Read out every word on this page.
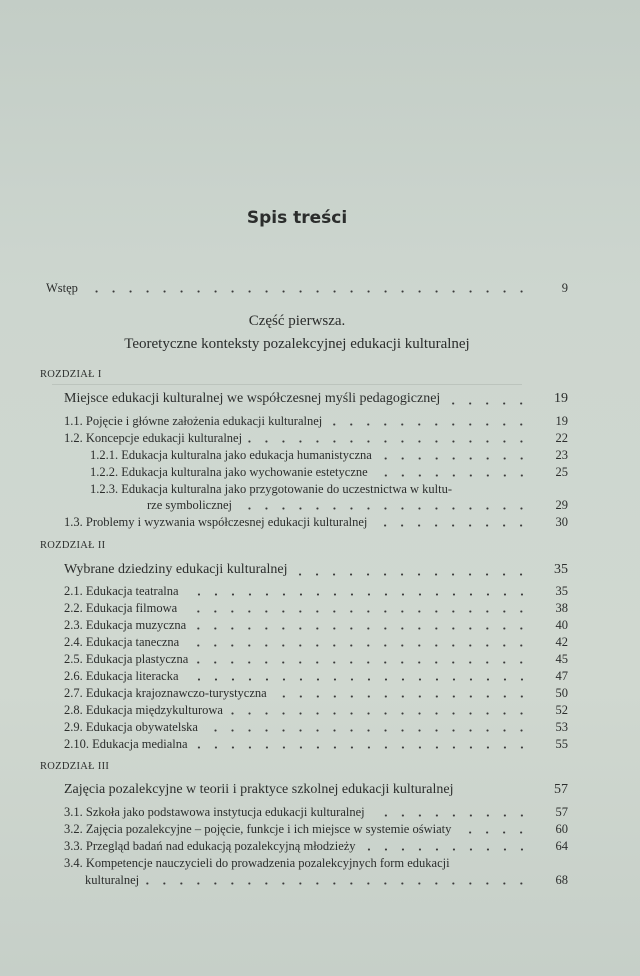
Spis treści
Wstęp	9
Część pierwsza.
Teoretyczne konteksty pozalekcyjnej edukacji kulturalnej
ROZDZIAŁ I
Miejsce edukacji kulturalnej we współczesnej myśli pedagogicznej	19
1.1. Pojęcie i główne założenia edukacji kulturalnej	19
1.2. Koncepcje edukacji kulturalnej	22
1.2.1. Edukacja kulturalna jako edukacja humanistyczna	23
1.2.2. Edukacja kulturalna jako wychowanie estetyczne	25
1.2.3. Edukacja kulturalna jako przygotowanie do uczestnictwa w kultu-
rze symbolicznej	29
1.3. Problemy i wyzwania współczesnej edukacji kulturalnej	30
ROZDZIAŁ II
Wybrane dziedziny edukacji kulturalnej	35
2.1. Edukacja teatralna	35
2.2. Edukacja filmowa	38
2.3. Edukacja muzyczna	40
2.4. Edukacja taneczna	42
2.5. Edukacja plastyczna	45
2.6. Edukacja literacka	47
2.7. Edukacja krajoznawczo-turystyczna	50
2.8. Edukacja międzykulturowa	52
2.9. Edukacja obywatelska	53
2.10. Edukacja medialna	55
ROZDZIAŁ III
Zajęcia pozalekcyjne w teorii i praktyce szkolnej edukacji kulturalnej	57
3.1. Szkoła jako podstawowa instytucja edukacji kulturalnej	57
3.2. Zajęcia pozalekcyjne – pojęcie, funkcje i ich miejsce w systemie oświaty	60
3.3. Przegląd badań nad edukacją pozalekcyjną młodzieży	64
3.4. Kompetencje nauczycieli do prowadzenia pozalekcyjnych form edukacji
kulturalnej	68
